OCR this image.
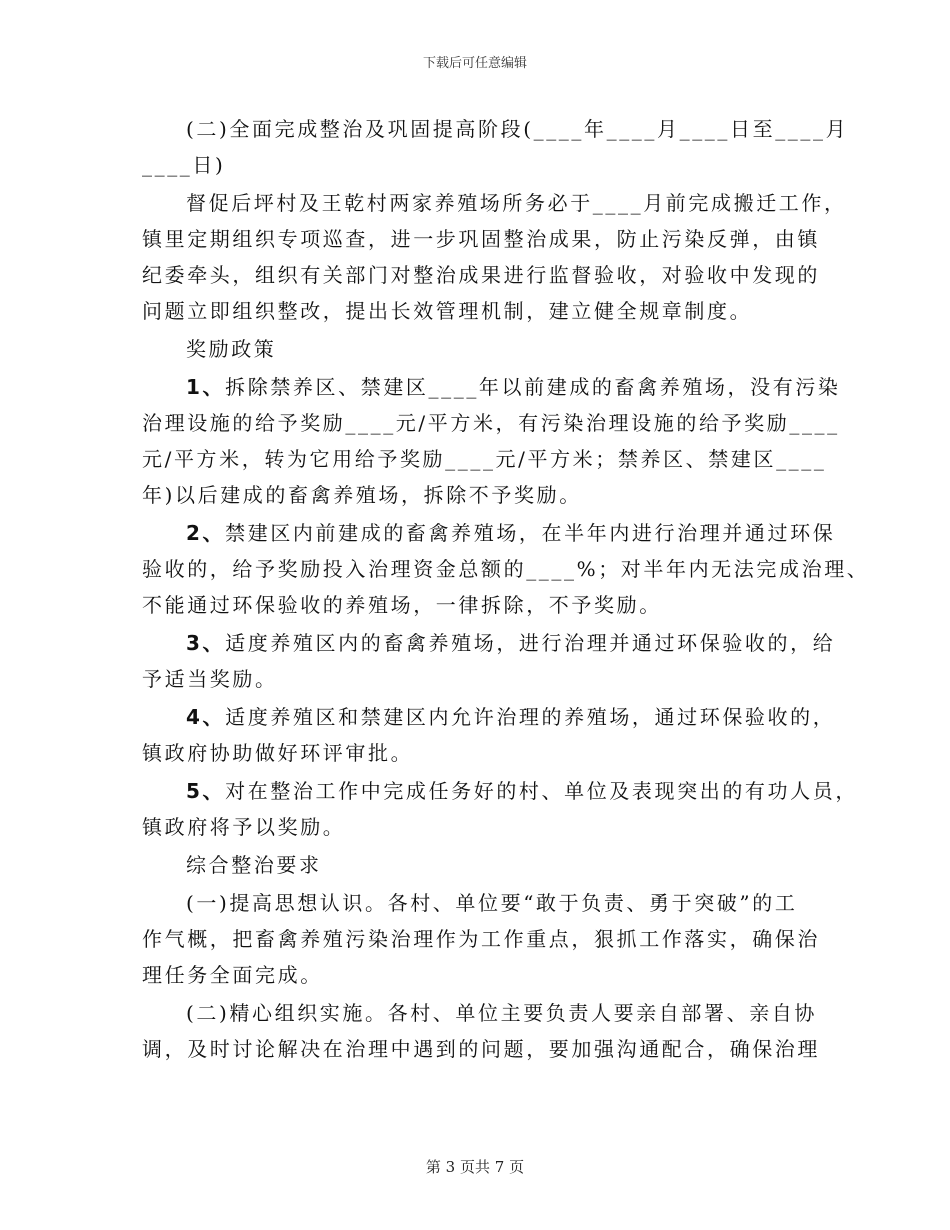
下载后可任意编辑
(二)全面完成整治及巩固提高阶段(____年____月____日至____月
____日)
督促后坪村及王乾村两家养殖场所务必于____月前完成搬迁工作，
镇里定期组织专项巡查，进一步巩固整治成果，防止污染反弹，由镇
纪委牵头，组织有关部门对整治成果进行监督验收，对验收中发现的
问题立即组织整改，提出长效管理机制，建立健全规章制度。
奖励政策
1、拆除禁养区、禁建区____年以前建成的畜禽养殖场，没有污染
治理设施的给予奖励____元/平方米，有污染治理设施的给予奖励____
元/平方米，转为它用给予奖励____元/平方米；禁养区、禁建区____
年)以后建成的畜禽养殖场，拆除不予奖励。
2、禁建区内前建成的畜禽养殖场，在半年内进行治理并通过环保
验收的，给予奖励投入治理资金总额的____%；对半年内无法完成治理、
不能通过环保验收的养殖场，一律拆除，不予奖励。
3、适度养殖区内的畜禽养殖场，进行治理并通过环保验收的，给
予适当奖励。
4、适度养殖区和禁建区内允许治理的养殖场，通过环保验收的，
镇政府协助做好环评审批。
5、对在整治工作中完成任务好的村、单位及表现突出的有功人员，
镇政府将予以奖励。
综合整治要求
(一)提高思想认识。各村、单位要“敢于负责、勇于突破”的工
作气概，把畜禽养殖污染治理作为工作重点，狠抓工作落实，确保治
理任务全面完成。
(二)精心组织实施。各村、单位主要负责人要亲自部署、亲自协
调，及时讨论解决在治理中遇到的问题，要加强沟通配合，确保治理
第 3 页共 7 页
